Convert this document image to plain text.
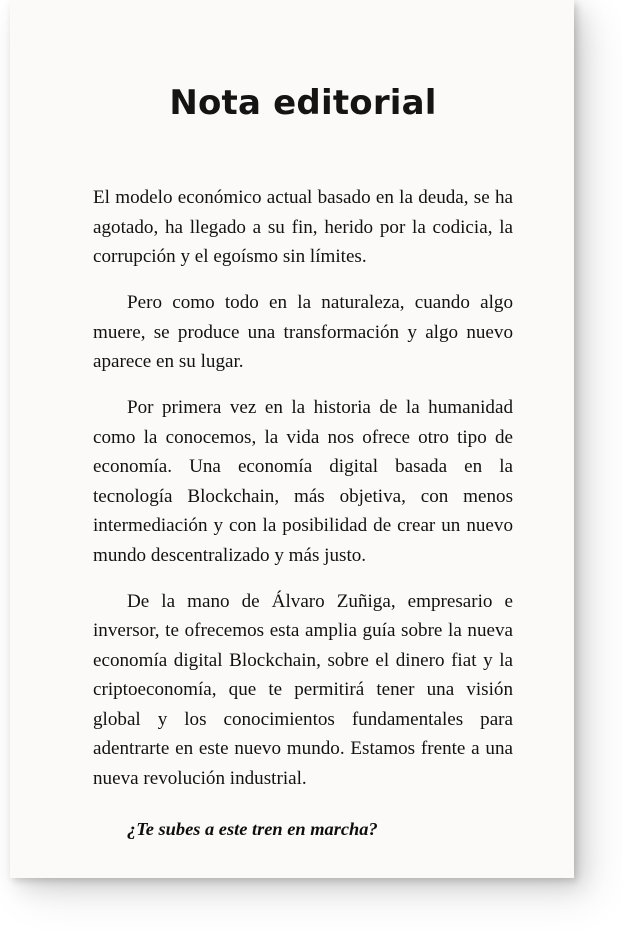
Nota editorial

El modelo económico actual basado en la deuda, se ha agotado, ha llegado a su fin, herido por la codicia, la corrupción y el egoísmo sin límites.

Pero como todo en la naturaleza, cuando algo muere, se produce una transformación y algo nuevo aparece en su lugar.

Por primera vez en la historia de la humanidad como la conocemos, la vida nos ofrece otro tipo de economía. Una economía digital basada en la tecnología Blockchain, más objetiva, con menos intermediación y con la posibilidad de crear un nuevo mundo descentralizado y más justo.

De la mano de Álvaro Zuñiga, empresario e inversor, te ofrecemos esta amplia guía sobre la nueva economía digital Blockchain, sobre el dinero fiat y la criptoeconomía, que te permitirá tener una visión global y los conocimientos fundamentales para adentrarte en este nuevo mundo. Estamos frente a una nueva revolución industrial.

¿Te subes a este tren en marcha?
